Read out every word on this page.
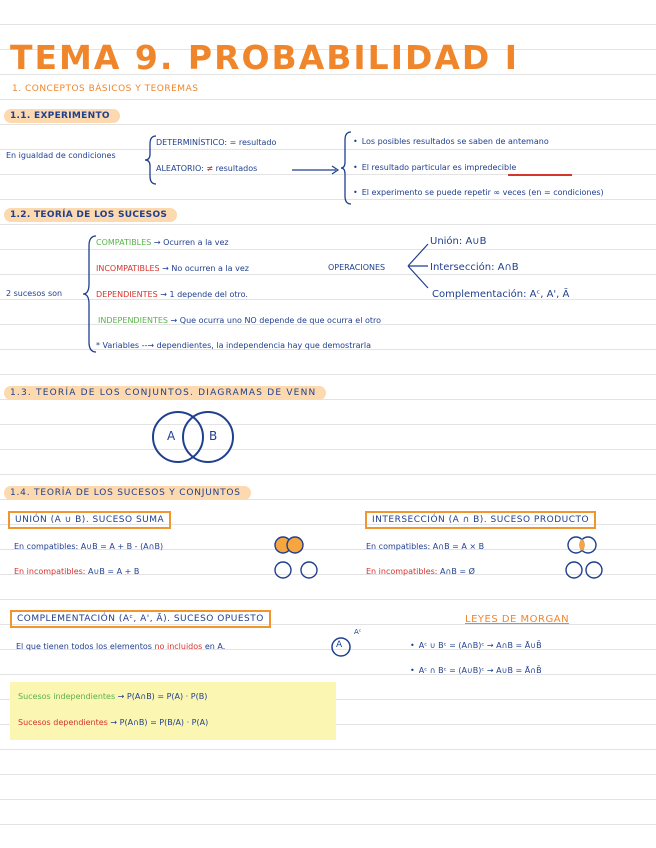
TEMA 9. PROBABILIDAD I
1. CONCEPTOS BÁSICOS Y TEOREMAS
1.1. EXPERIMENTO
En igualdad de condiciones
DETERMINÍSTICO: = resultado
ALEATORIO: ≠ resultados
• Los posibles resultados se saben de antemano
• El resultado particular es impredecible
• El experimento se puede repetir ∞ veces (en = condiciones)
1.2. TEORÍA DE LOS SUCESOS
2 sucesos son
COMPATIBLES → Ocurren a la vez
INCOMPATIBLES → No ocurren a la vez
DEPENDIENTES → 1 depende del otro.
INDEPENDIENTES → Que ocurra uno NO depende de que ocurra el otro
* Variables --→ dependientes, la independencia hay que demostrarla
OPERACIONES
Unión: A∪B
Intersección: A∩B
Complementación: Aᶜ, A', Ā
1.3. TEORÍA DE LOS CONJUNTOS. DIAGRAMAS DE VENN
A	B
1.4. TEORÍA DE LOS SUCESOS Y CONJUNTOS
UNIÓN (A ∪ B). SUCESO SUMA
En compatibles: A∪B = A + B - (A∩B)
En incompatibles: A∪B = A + B
INTERSECCIÓN (A ∩ B). SUCESO PRODUCTO
En compatibles: A∩B = A × B
En incompatibles: A∩B = Ø
COMPLEMENTACIÓN (Aᶜ, A', Ā). SUCESO OPUESTO
El que tienen todos los elementos no incluidos en A.	A
Aᶜ
LEYES DE MORGAN
• Aᶜ ∪ Bᶜ = (A∩B)ᶜ → A∩B = Ā∪B̄
• Aᶜ ∩ Bᶜ = (A∪B)ᶜ → A∪B = Ā∩B̄
Sucesos independientes → P(A∩B) = P(A) · P(B)
Sucesos dependientes → P(A∩B) = P(B/A) · P(A)
